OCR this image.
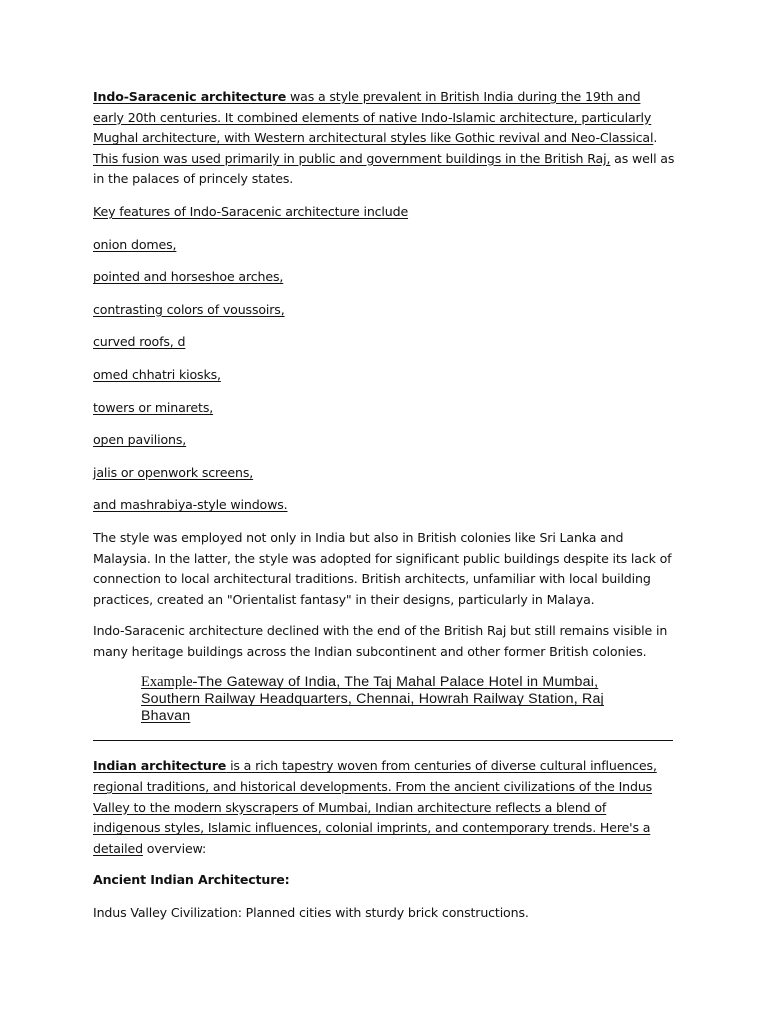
Indo-Saracenic architecture was a style prevalent in British India during the 19th and early 20th centuries. It combined elements of native Indo-Islamic architecture, particularly Mughal architecture, with Western architectural styles like Gothic revival and Neo-Classical. This fusion was used primarily in public and government buildings in the British Raj, as well as in the palaces of princely states.

Key features of Indo-Saracenic architecture include

onion domes,

pointed and horseshoe arches,

contrasting colors of voussoirs,

curved roofs, d

omed chhatri kiosks,

towers or minarets,

open pavilions,

jalis or openwork screens,

and mashrabiya-style windows.

The style was employed not only in India but also in British colonies like Sri Lanka and Malaysia. In the latter, the style was adopted for significant public buildings despite its lack of connection to local architectural traditions. British architects, unfamiliar with local building practices, created an "Orientalist fantasy" in their designs, particularly in Malaya.

Indo-Saracenic architecture declined with the end of the British Raj but still remains visible in many heritage buildings across the Indian subcontinent and other former British colonies.

Example-The Gateway of India, The Taj Mahal Palace Hotel in Mumbai, Southern Railway Headquarters, Chennai, Howrah Railway Station, Raj Bhavan

Indian architecture is a rich tapestry woven from centuries of diverse cultural influences, regional traditions, and historical developments. From the ancient civilizations of the Indus Valley to the modern skyscrapers of Mumbai, Indian architecture reflects a blend of indigenous styles, Islamic influences, colonial imprints, and contemporary trends. Here's a detailed overview:

Ancient Indian Architecture:

Indus Valley Civilization: Planned cities with sturdy brick constructions.
